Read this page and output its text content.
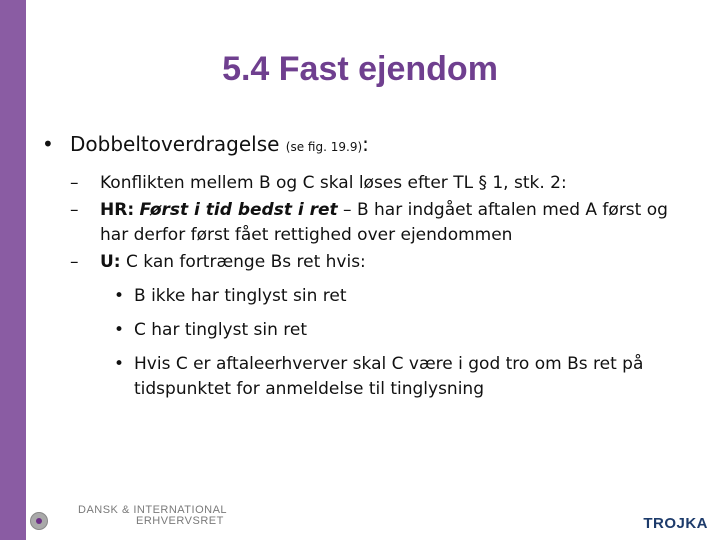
5.4 Fast ejendom
• Dobbeltoverdragelse (se fig. 19.9):
– Konflikten mellem B og C skal løses efter TL § 1, stk. 2:
– HR: Først i tid bedst i ret – B har indgået aftalen med A først og har derfor først fået rettighed over ejendommen
– U: C kan fortrænge Bs ret hvis:
• B ikke har tinglyst sin ret
• C har tinglyst sin ret
• Hvis C er aftaleerhverver skal C være i god tro om Bs ret på tidspunktet for anmeldelse til tinglysning
DANSK & INTERNATIONAL
ERHVERVSRET	TROJKA
